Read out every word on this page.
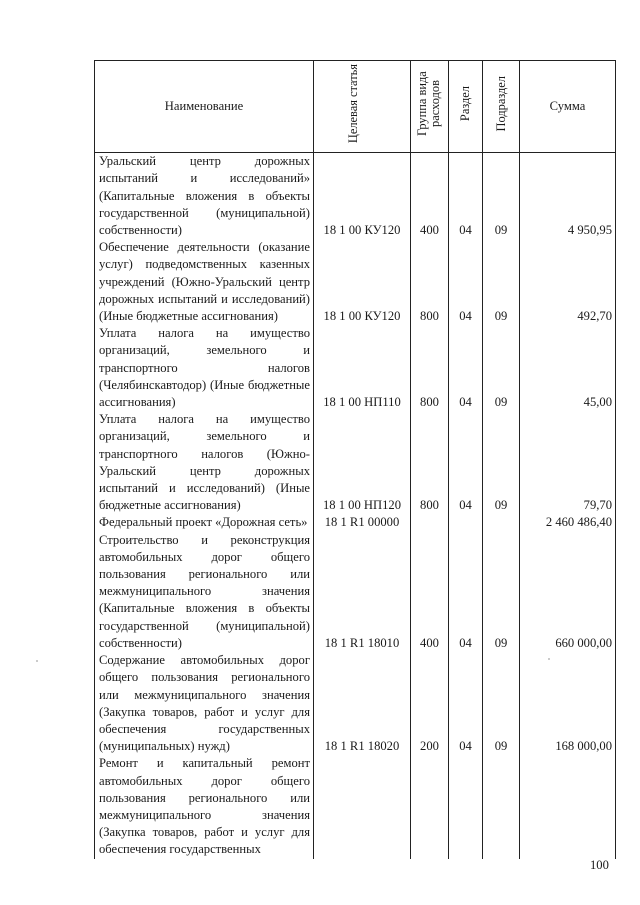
Наименование	Целевая статья	Группа вида расходов	Раздел	Подраздел	Сумма
Уральский центр дорожных испытаний и исследований» (Капитальные вложения в объекты государственной (муниципальной) собственности)	18 1 00 КУ120	400	04	09	4 950,95
Обеспечение деятельности (оказание услуг) подведомственных казенных учреждений (Южно-Уральский центр дорожных испытаний и исследований) (Иные бюджетные ассигнования)	18 1 00 КУ120	800	04	09	492,70
Уплата налога на имущество организаций, земельного и транспортного налогов (Челябинскавтодор) (Иные бюджетные ассигнования)	18 1 00 НП110	800	04	09	45,00
Уплата налога на имущество организаций, земельного и транспортного налогов (Южно-Уральский центр дорожных испытаний и исследований) (Иные бюджетные ассигнования)	18 1 00 НП120	800	04	09	79,70
Федеральный проект «Дорожная сеть»	18 1 R1 00000				2 460 486,40
Строительство и реконструкция автомобильных дорог общего пользования регионального или межмуниципального значения (Капитальные вложения в объекты государственной (муниципальной) собственности)	18 1 R1 18010	400	04	09	660 000,00
Содержание автомобильных дорог общего пользования регионального или межмуниципального значения (Закупка товаров, работ и услуг для обеспечения государственных (муниципальных) нужд)	18 1 R1 18020	200	04	09	168 000,00
Ремонт и капитальный ремонт автомобильных дорог общего пользования регионального или межмуниципального значения (Закупка товаров, работ и услуг для обеспечения государственных					
100
